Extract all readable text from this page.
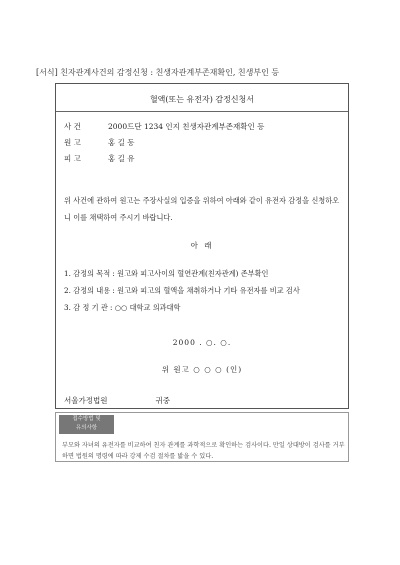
[서식] 친자관계사건의 감정신청 : 친생자관계부존재확인, 친생부인 등
혈액(또는 유전자) 감정신청서
사 건	2000드단 1234 인지 친생자관계부존재확인 등
원 고	홍 길 동
피 고	홍 길 유
위 사건에 관하여 원고는 주장사실의 입증을 위하여 아래와 같이 유전자 감정을 신청하오니 이를 채택하여 주시기 바랍니다.
아 래
1. 감정의 목적 : 원고와 피고사이의 혈연관계(친자관계) 존부확인
2. 감정의 내용 : 원고와 피고의 혈액을 채취하거나 기타 유전자를 비교 검사
3. 감 정 기 관 : ○○ 대학교 의과대학
2000 . ○. ○.
위 원고 ○ ○ ○ (인)
서울가정법원	귀중
접수방법 및
유의사항
부모와 자녀의 유전자를 비교하여 친자 관계를 과학적으로 확인하는 검사이다. 만일 상대방이 검사를 거부하면 법원의 명령에 따라 강제 수검 절차를 밟을 수 있다.
